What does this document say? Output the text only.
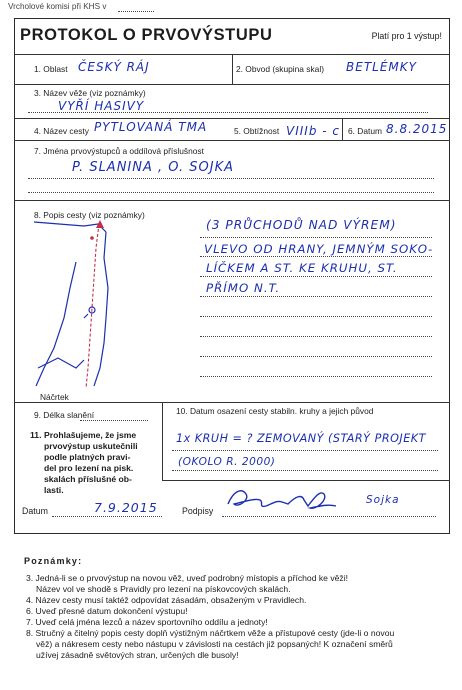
Vrcholové komisi při KHS v
PROTOKOL O PRVOVÝSTUPU	Platí pro 1 výstup!
1. Oblast ČESKÝ RÁJ	2. Obvod (skupina skal) BETLÉMKY
3. Název věže (viz poznámky)
VYŘÍ HASIVY
4. Název cesty PYTLOVANÁ TMA	5. Obtížnost VIIIb - c 6. Datum 8.8.2015
7. Jména prvovýstupců a oddílová příslušnost
P. SLANINA , O. SOJKA
8. Popis cesty (viz poznámky)
(3 PRŮCHODŮ NAD VÝREM)
VLEVO OD HRANY, JEMNÝM SOKO-
LÍČKEM A ST. KE KRUHU, ST.
PŘÍMO N.T.
Náčrtek
9. Délka slanění	10. Datum osazení cesty stabiln. kruhy a jejich původ
1x KRUH = ? ZEMOVANÝ (STARÝ PROJEKT
(OKOLO R. 2000)
11. Prohlašujeme, že jsme
prvovýstup uskutečnili
podle platných pravi-
del pro lezení na pisk.
skalách příslušné ob-
lasti.
Datum	7.9.2015	Podpisy
Sojka
Poznámky:
3. Jedná-li se o prvovýstup na novou věž, uveď podrobný místopis a příchod ke věži!
Název vol ve shodě s Pravidly pro lezení na pískovcových skalách.
4. Název cesty musí taktéž odpovídat zásadám, obsaženým v Pravidlech.
6. Uveď přesné datum dokončení výstupu!
7. Uveď celá jména lezců a název sportovního oddílu a jednoty!
8. Stručný a čitelný popis cesty doplň výstižným náčrtkem věže a přístupové cesty (jde-li o novou
věž) a nákresem cesty nebo nástupu v závislosti na cestách již popsaných! K označení směrů
užívej zásadně světových stran, určených dle busoly!
